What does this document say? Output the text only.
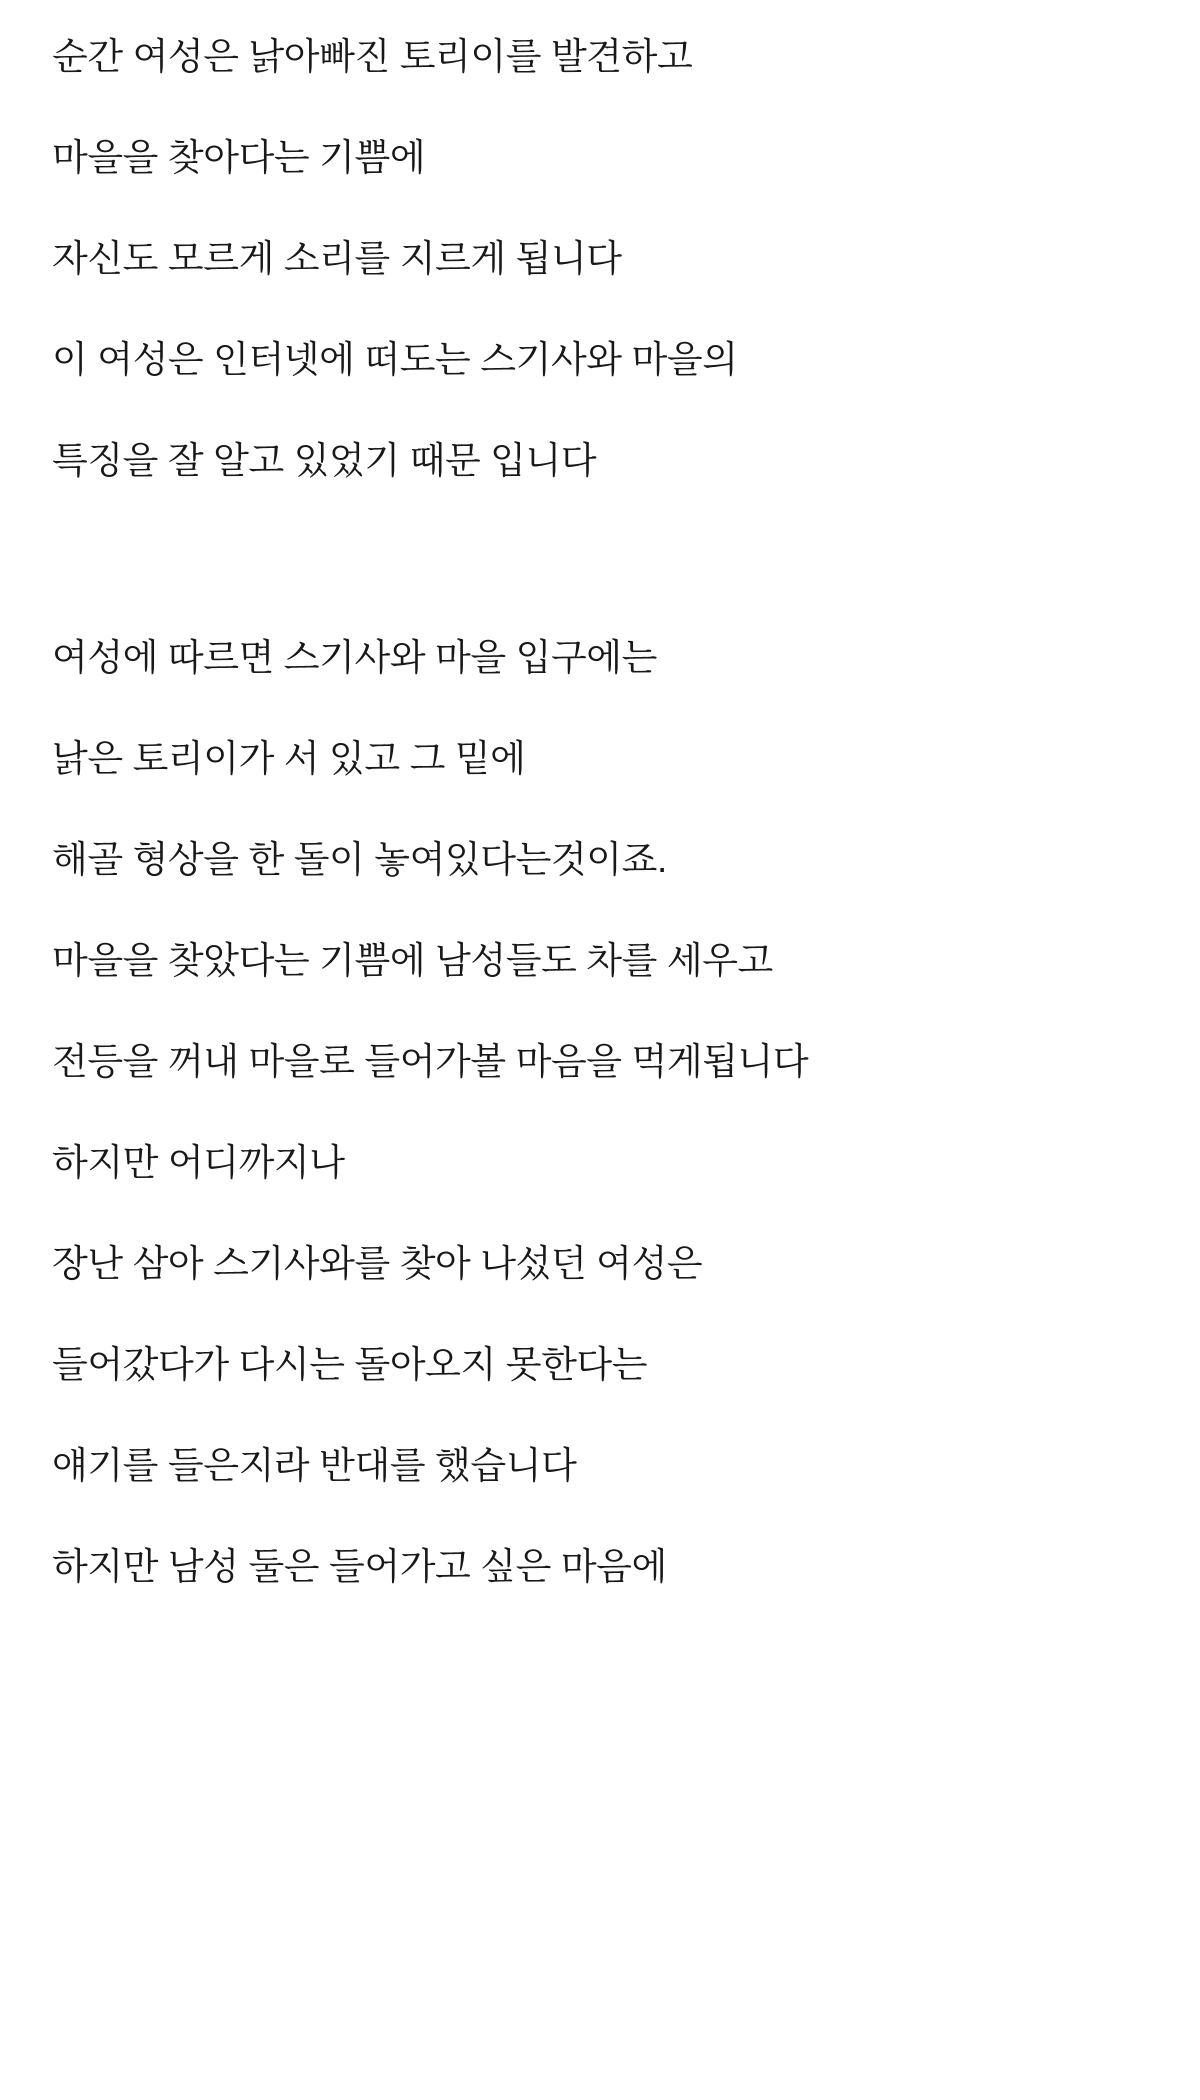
순간 여성은 낡아빠진 토리이를 발견하고
마을을 찾아다는 기쁨에
자신도 모르게 소리를 지르게 됩니다
이 여성은 인터넷에 떠도는 스기사와 마을의
특징을 잘 알고 있었기 때문 입니다
여성에 따르면 스기사와 마을 입구에는
낡은 토리이가 서 있고 그 밑에
해골 형상을 한 돌이 놓여있다는것이죠.
마을을 찾았다는 기쁨에 남성들도 차를 세우고
전등을 꺼내 마을로 들어가볼 마음을 먹게됩니다
하지만 어디까지나
장난 삼아 스기사와를 찾아 나섰던 여성은
들어갔다가 다시는 돌아오지 못한다는
얘기를 들은지라 반대를 했습니다
하지만 남성 둘은 들어가고 싶은 마음에
